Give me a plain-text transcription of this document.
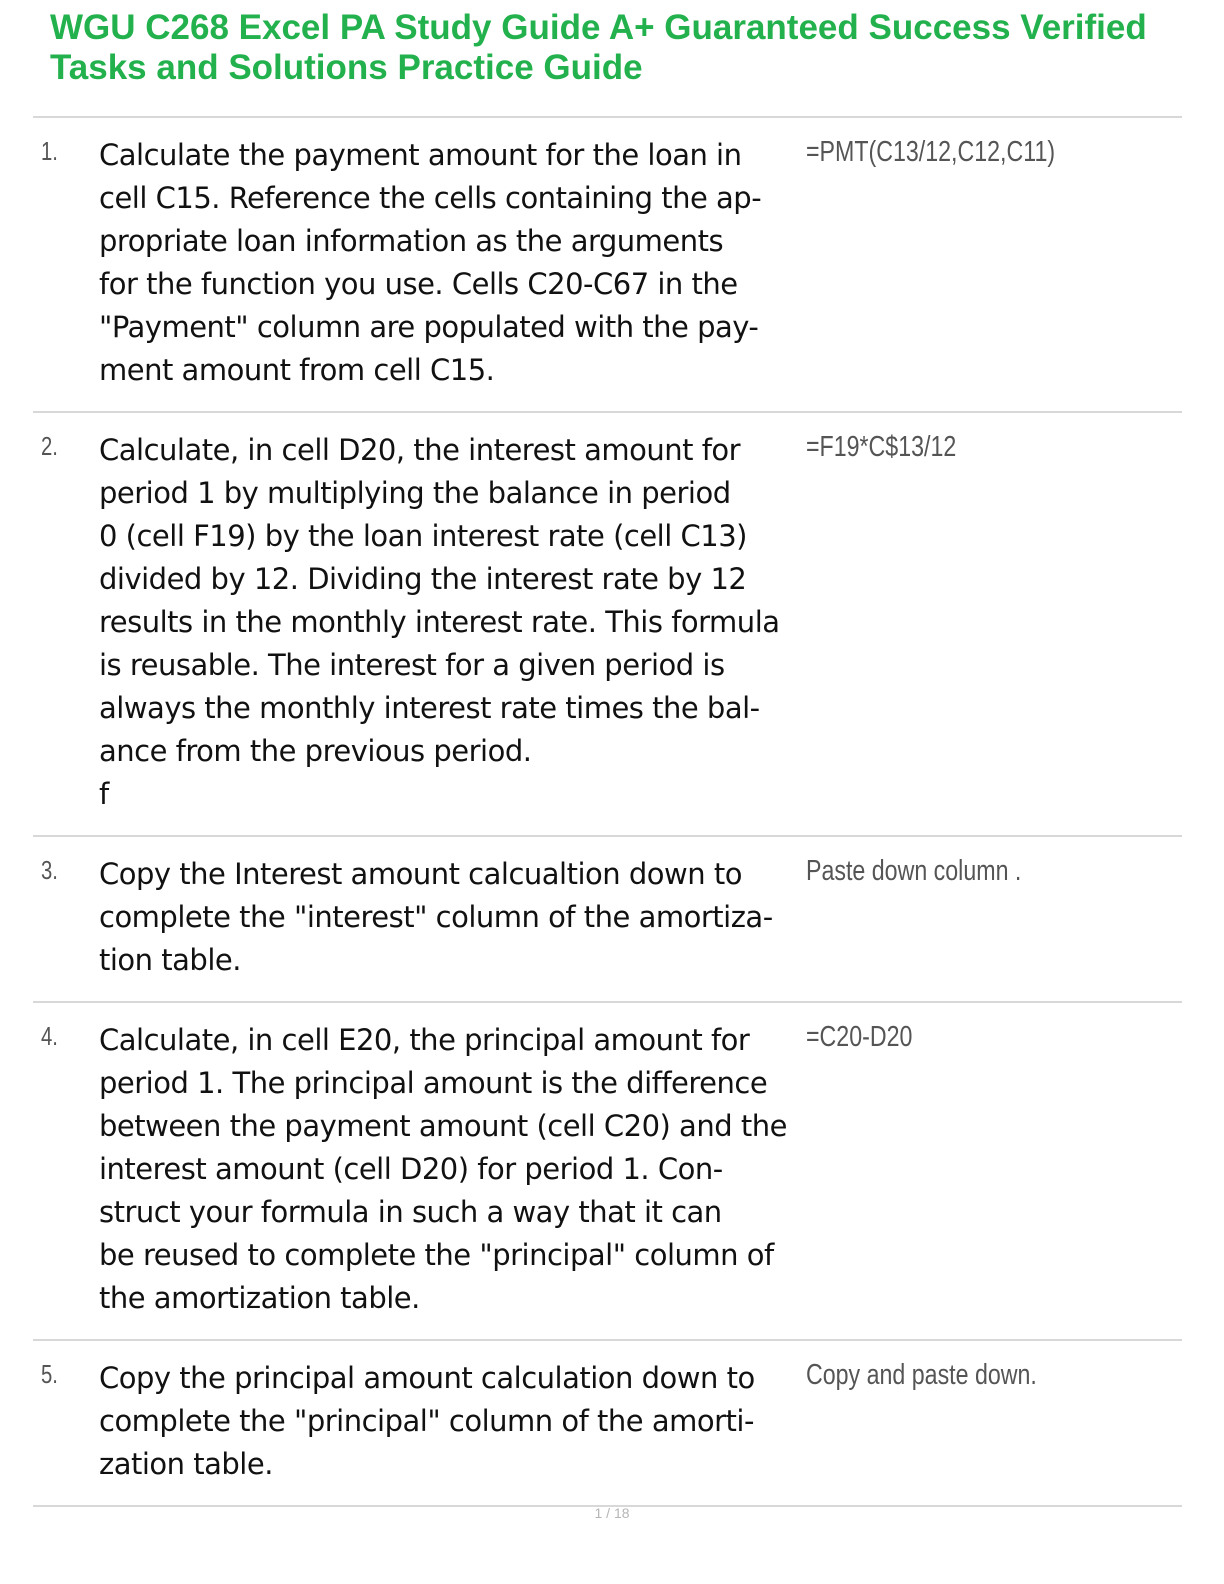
WGU C268 Excel PA Study Guide A+ Guaranteed Success Verified Tasks and Solutions Practice Guide
1. Calculate the payment amount for the loan in
cell C15. Reference the cells containing the ap-
propriate loan information as the arguments
for the function you use. Cells C20-C67 in the
"Payment" column are populated with the pay-
ment amount from cell C15.
=PMT(C13/12,C12,C11)
2. Calculate, in cell D20, the interest amount for
period 1 by multiplying the balance in period
0 (cell F19) by the loan interest rate (cell C13)
divided by 12. Dividing the interest rate by 12
results in the monthly interest rate. This formula
is reusable. The interest for a given period is
always the monthly interest rate times the bal-
ance from the previous period.
f
=F19*C$13/12
3. Copy the Interest amount calcualtion down to
complete the "interest" column of the amortiza-
tion table.
Paste down column .
4. Calculate, in cell E20, the principal amount for
period 1. The principal amount is the difference
between the payment amount (cell C20) and the
interest amount (cell D20) for period 1. Con-
struct your formula in such a way that it can
be reused to complete the "principal" column of
the amortization table.
=C20-D20
5. Copy the principal amount calculation down to
complete the "principal" column of the amorti-
zation table.
Copy and paste down.
1 / 18
